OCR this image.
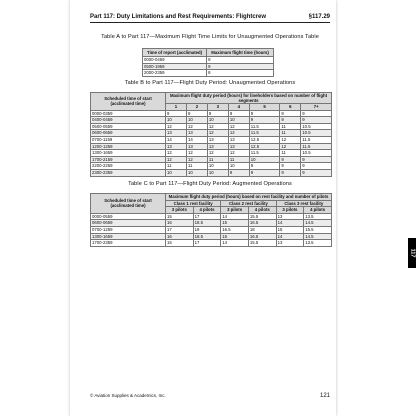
Part 117: Duty Limitations and Rest Requirements: Flightcrew	§117.29
Table A to Part 117—Maximum Flight Time Limits for Unaugmented Operations Table
Time of report (acclimated)	Maximum flight time (hours)
0000-0459	8
0500-1959	9
2000-2359	8
Table B to Part 117—Flight Duty Period: Unaugmented Operations
Scheduled time of start (acclimated time)	Maximum flight duty period (hours) for lineholders based on number of flight segments						
	1	2	3	4	5	6	7+
0000-0359	9	9	9	9	9	9	9
0400-0459	10	10	10	10	9	9	9
0500-0559	12	12	12	12	11.5	11	10.5
0600-0659	13	13	12	12	11.5	11	10.5
0700-1159	14	14	13	13	12.5	12	11.5
1200-1259	13	13	13	13	12.5	12	11.5
1300-1659	12	12	12	12	11.5	11	10.5
1700-2159	12	12	11	11	10	9	9
2200-2259	11	11	10	10	9	9	9
2300-2359	10	10	10	9	9	9	9
Table C to Part 117—Flight Duty Period: Augmented Operations
Scheduled time of start (acclimated time)	Maximum flight duty period (hours) based on rest facility and number of pilots					
	Class 1 rest facility		Class 2 rest facility		Class 3 rest facility	
	3 pilots	4 pilots	3 pilots	4 pilots	3 pilots	4 pilots
0000-0559	15	17	14	15.5	13	13.5
0600-0659	16	18.5	15	16.5	14	14.5
0700-1259	17	19	16.5	18	15	15.5
1300-1659	16	18.5	15	16.5	14	14.5
1700-2359	15	17	14	15.5	13	13.5
117
© Aviation Supplies & Academics, Inc.	121
